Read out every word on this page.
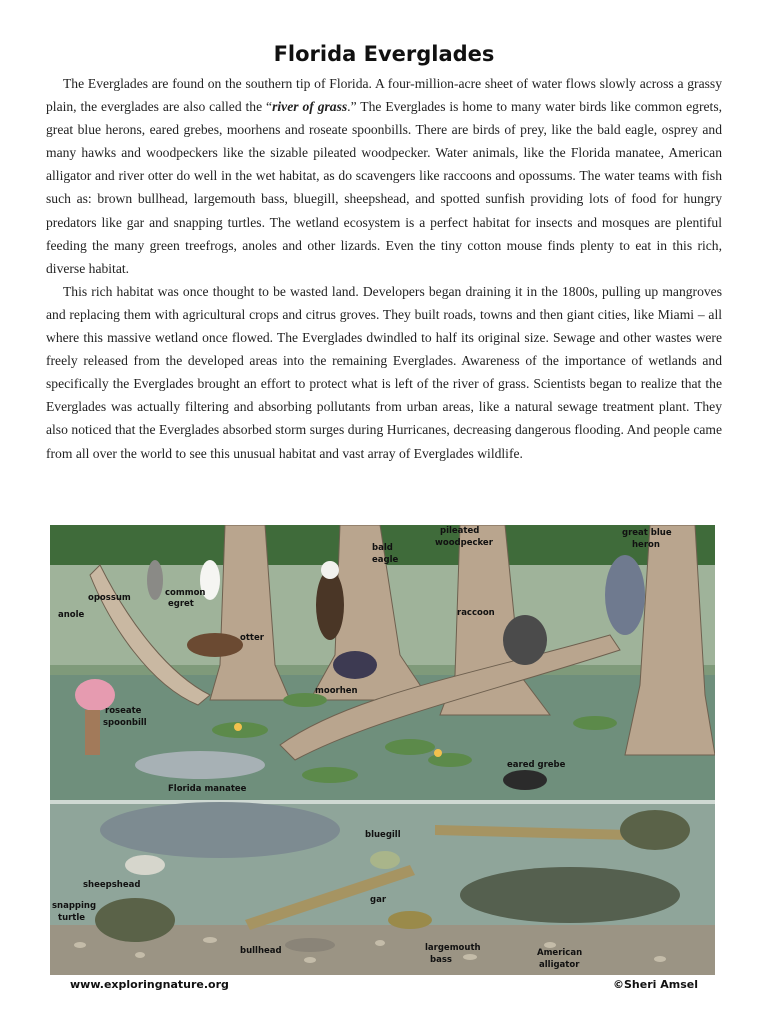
Florida Everglades

The Everglades are found on the southern tip of Florida. A four-million-acre sheet of water flows slowly across a grassy plain, the everglades are also called the “river of grass.” The Everglades is home to many water birds like common egrets, great blue herons, eared grebes, moorhens and roseate spoonbills. There are birds of prey, like the bald eagle, osprey and many hawks and woodpeckers like the sizable pileated woodpecker. Water animals, like the Florida manatee, American alligator and river otter do well in the wet habitat, as do scavengers like raccoons and opossums. The water teams with fish such as: brown bullhead, largemouth bass, bluegill, sheepshead, and spotted sunfish providing lots of food for hungry predators like gar and snapping turtles. The wetland ecosystem is a perfect habitat for insects and mosques are plentiful feeding the many green treefrogs, anoles and other lizards. Even the tiny cotton mouse finds plenty to eat in this rich, diverse habitat.

This rich habitat was once thought to be wasted land. Developers began draining it in the 1800s, pulling up mangroves and replacing them with agricultural crops and citrus groves. They built roads, towns and then giant cities, like Miami – all where this massive wetland once flowed. The Everglades dwindled to half its original size. Sewage and other wastes were freely released from the developed areas into the remaining Everglades. Awareness of the importance of wetlands and specifically the Everglades brought an effort to protect what is left of the river of grass. Scientists began to realize that the Everglades was actually filtering and absorbing pollutants from urban areas, like a natural sewage treatment plant. They also noticed that the Everglades absorbed storm surges during Hurricanes, decreasing dangerous flooding. And people came from all over the world to see this unusual habitat and vast array of Everglades wildlife.

opossum	common
egret
anole
otter
bald
eagle
pileated
woodpecker
raccoon
great blue
heron
moorhen
roseate
spoonbill
eared grebe
Florida manatee
bluegill
sheepshead
snapping
turtle
gar
bullhead	largemouth
bass
American
alligator
www.exploringnature.org	©Sheri Amsel
